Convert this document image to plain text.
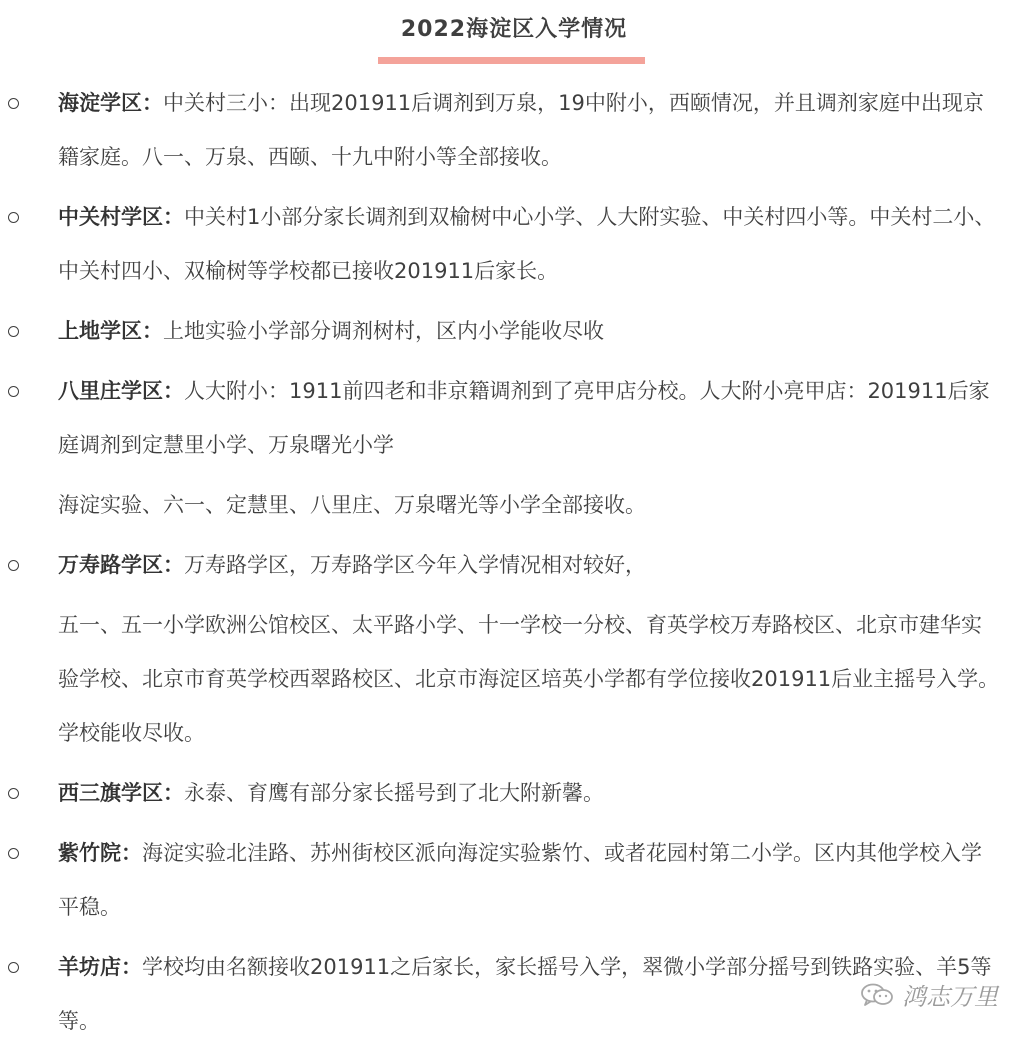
2022海淀区入学情况
海淀学区：中关村三小：出现201911后调剂到万泉，19中附小，西颐情况，并且调剂家庭中出现京籍家庭。八一、万泉、西颐、十九中附小等全部接收。
中关村学区：中关村1小部分家长调剂到双榆树中心小学、人大附实验、中关村四小等。中关村二小、中关村四小、双榆树等学校都已接收201911后家长。
上地学区：上地实验小学部分调剂树村，区内小学能收尽收
八里庄学区：人大附小：1911前四老和非京籍调剂到了亮甲店分校。人大附小亮甲店：201911后家庭调剂到定慧里小学、万泉曙光小学
海淀实验、六一、定慧里、八里庄、万泉曙光等小学全部接收。
万寿路学区：万寿路学区，万寿路学区今年入学情况相对较好，
五一、五一小学欧洲公馆校区、太平路小学、十一学校一分校、育英学校万寿路校区、北京市建华实验学校、北京市育英学校西翠路校区、北京市海淀区培英小学都有学位接收201911后业主摇号入学。学校能收尽收。
西三旗学区：永泰、育鹰有部分家长摇号到了北大附新馨。
紫竹院：海淀实验北洼路、苏州街校区派向海淀实验紫竹、或者花园村第二小学。区内其他学校入学平稳。
羊坊店：学校均由名额接收201911之后家长，家长摇号入学，翠微小学部分摇号到铁路实验、羊5等等。
鸿志万里
